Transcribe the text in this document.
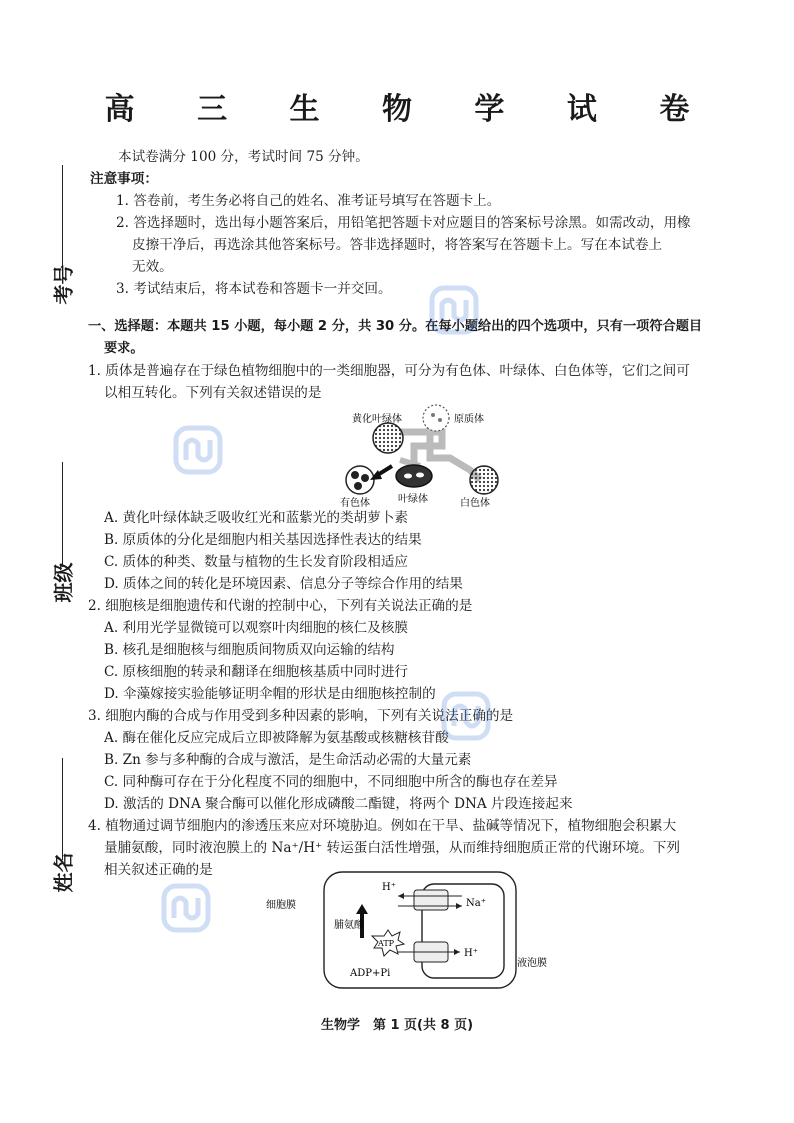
高 三 生 物 学 试 卷
本试卷满分 100 分，考试时间 75 分钟。
注意事项：
1. 答卷前，考生务必将自己的姓名、准考证号填写在答题卡上。
2. 答选择题时，选出每小题答案后，用铅笔把答题卡对应题目的答案标号涂黑。如需改动，用橡
皮擦干净后，再选涂其他答案标号。答非选择题时，将答案写在答题卡上。写在本试卷上
无效。
3. 考试结束后，将本试卷和答题卡一并交回。
一、选择题：本题共 15 小题，每小题 2 分，共 30 分。在每小题给出的四个选项中，只有一项符合题目
要求。
1. 质体是普遍存在于绿色植物细胞中的一类细胞器，可分为有色体、叶绿体、白色体等，它们之间可
以相互转化。下列有关叙述错误的是
黄化叶绿体	原质体
有色体	叶绿体	白色体
A. 黄化叶绿体缺乏吸收红光和蓝紫光的类胡萝卜素
B. 原质体的分化是细胞内相关基因选择性表达的结果
C. 质体的种类、数量与植物的生长发育阶段相适应
D. 质体之间的转化是环境因素、信息分子等综合作用的结果
2. 细胞核是细胞遗传和代谢的控制中心，下列有关说法正确的是
A. 利用光学显微镜可以观察叶肉细胞的核仁及核膜
B. 核孔是细胞核与细胞质间物质双向运输的结构
C. 原核细胞的转录和翻译在细胞核基质中同时进行
D. 伞藻嫁接实验能够证明伞帽的形状是由细胞核控制的
3. 细胞内酶的合成与作用受到多种因素的影响，下列有关说法正确的是
A. 酶在催化反应完成后立即被降解为氨基酸或核糖核苷酸
B. Zn 参与多种酶的合成与激活，是生命活动必需的大量元素
C. 同种酶可存在于分化程度不同的细胞中，不同细胞中所含的酶也存在差异
D. 激活的 DNA 聚合酶可以催化形成磷酸二酯键，将两个 DNA 片段连接起来
4. 植物通过调节细胞内的渗透压来应对环境胁迫。例如在干旱、盐碱等情况下，植物细胞会积累大
量脯氨酸，同时液泡膜上的 Na⁺/H⁺ 转运蛋白活性增强，从而维持细胞质正常的代谢环境。下列
相关叙述正确的是
细胞膜
液泡膜
脯氨酸
H⁺
Na⁺
ATP
ADP+Pi
H⁺
生物学　第 1 页(共 8 页)
考号
班级
姓名
